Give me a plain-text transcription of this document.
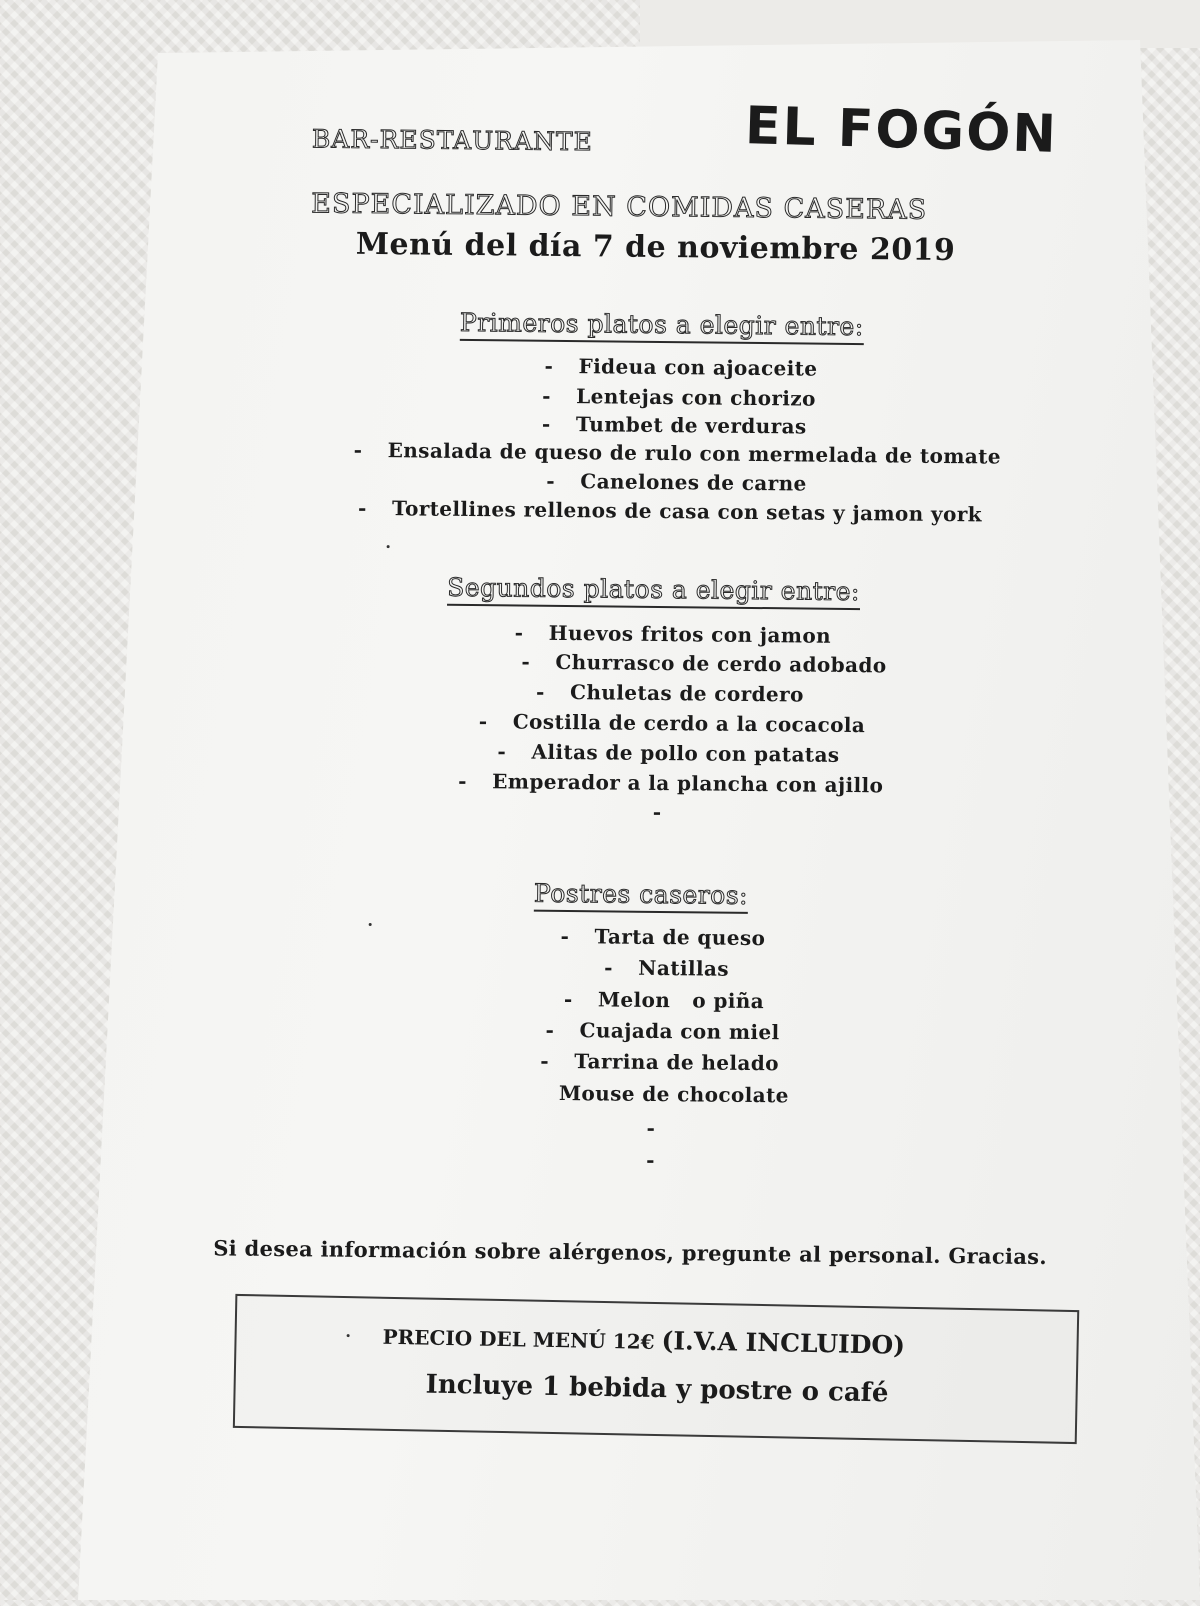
BAR-RESTAURANTE	EL FOGÓN
ESPECIALIZADO EN COMIDAS CASERAS
Menú del día 7 de noviembre 2019
Primeros platos a elegir entre:
- Fideua con ajoaceite
- Lentejas con chorizo
- Tumbet de verduras
- Ensalada de queso de rulo con mermelada de tomate
- Canelones de carne
- Tortellines rellenos de casa con setas y jamon york
Segundos platos a elegir entre:
- Huevos fritos con jamon
- Churrasco de cerdo adobado
- Chuletas de cordero
- Costilla de cerdo a la cocacola
- Alitas de pollo con patatas
- Emperador a la plancha con ajillo
-
Postres caseros:
- Tarta de queso
- Natillas
- Melon   o piña
- Cuajada con miel
- Tarrina de helado
Mouse de chocolate
-
-
Si desea información sobre alérgenos, pregunte al personal. Gracias.
PRECIO DEL MENÚ 12€ (I.V.A INCLUIDO)
Incluye 1 bebida y postre o café
